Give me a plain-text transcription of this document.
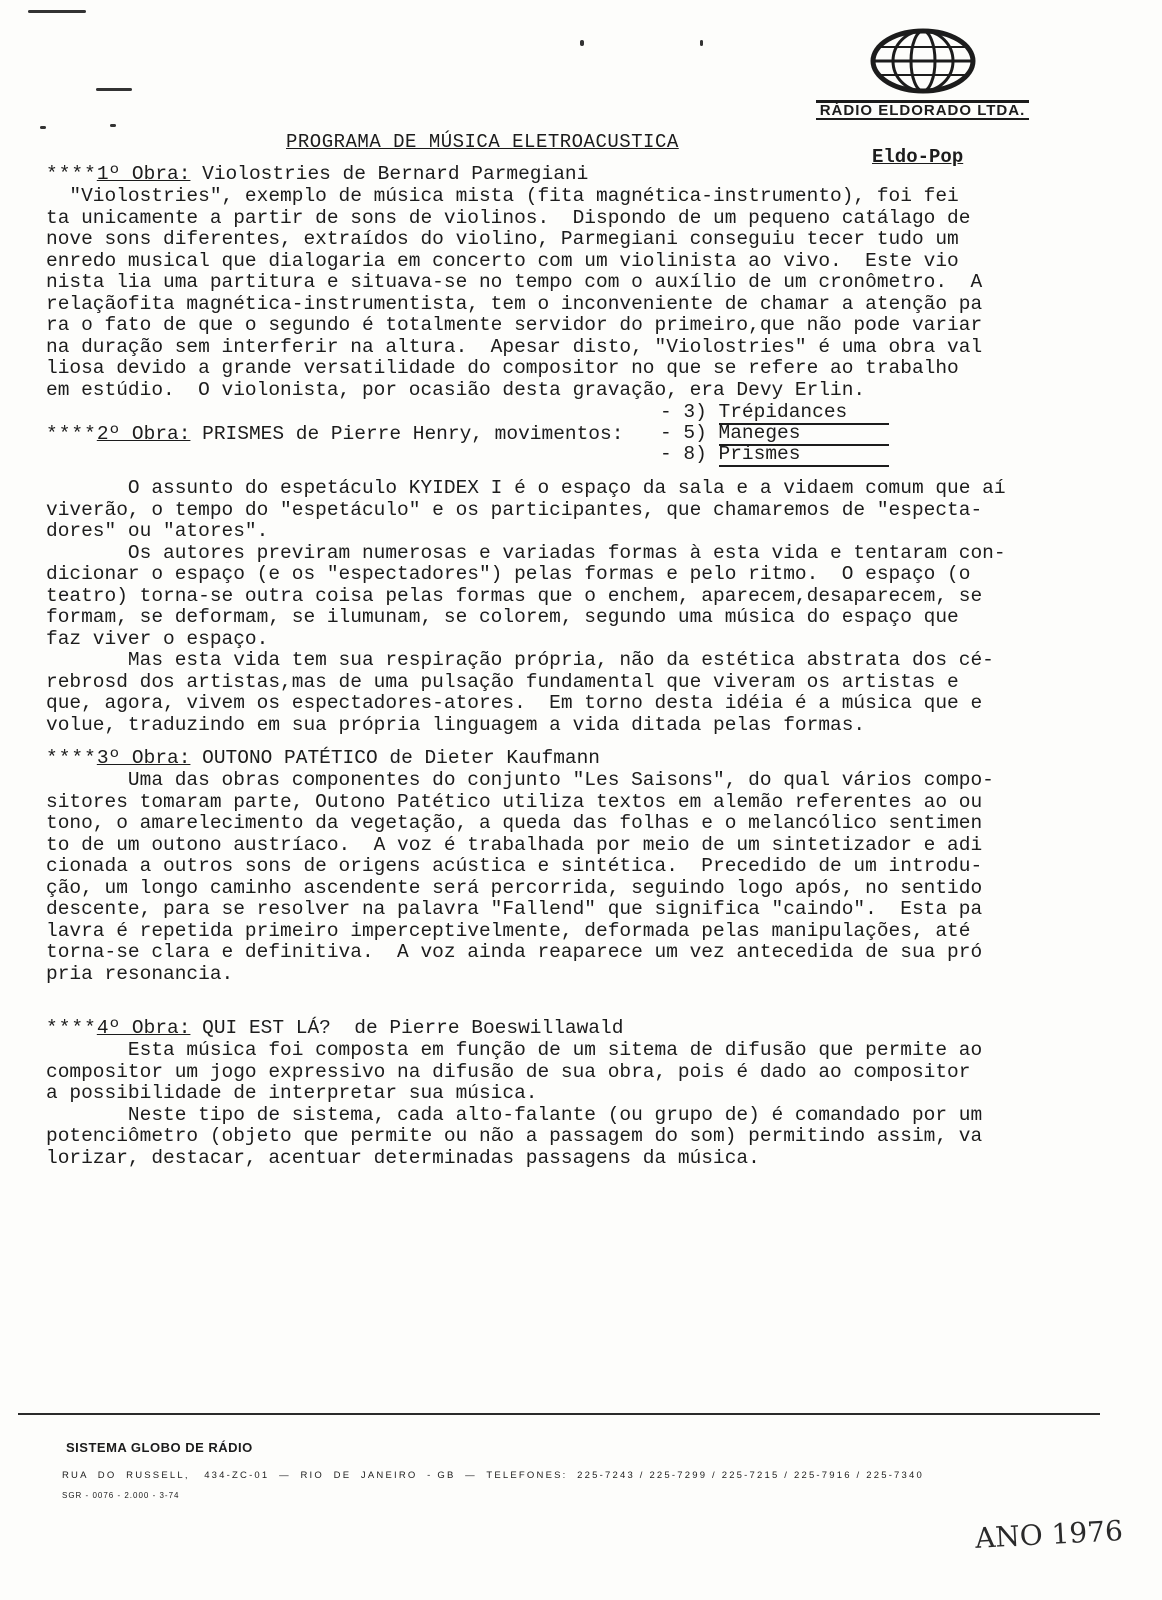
RÁDIO ELDORADO LTDA.
Eldo-Pop
PROGRAMA DE MÚSICA ELETROACUSTICA
****1º Obra: Violostries de Bernard Parmegiani
"Violostries", exemplo de música mista (fita magnética-instrumento), foi fei
ta unicamente a partir de sons de violinos.  Dispondo de um pequeno catálago de
nove sons diferentes, extraídos do violino, Parmegiani conseguiu tecer tudo um
enredo musical que dialogaria em concerto com um violinista ao vivo.  Este vio
nista lia uma partitura e situava-se no tempo com o auxílio de um cronômetro.  A
relaçãofita magnética-instrumentista, tem o inconveniente de chamar a atenção pa
ra o fato de que o segundo é totalmente servidor do primeiro,que não pode variar
na duração sem interferir na altura.  Apesar disto, "Violostries" é uma obra val
liosa devido a grande versatilidade do compositor no que se refere ao trabalho
em estúdio.  O violonista, por ocasião desta gravação, era Devy Erlin.
- 3) Trépidances
- 5) Maneges
- 8) Prismes
****2º Obra: PRISMES de Pierre Henry, movimentos:
O assunto do espetáculo KYIDEX I é o espaço da sala e a vidaem comum que aí
viverão, o tempo do "espetáculo" e os participantes, que chamaremos de "especta-
dores" ou "atores".
Os autores previram numerosas e variadas formas à esta vida e tentaram con-
dicionar o espaço (e os "espectadores") pelas formas e pelo ritmo.  O espaço (o
teatro) torna-se outra coisa pelas formas que o enchem, aparecem,desaparecem, se
formam, se deformam, se ilumunam, se colorem, segundo uma música do espaço que
faz viver o espaço.
Mas esta vida tem sua respiração própria, não da estética abstrata dos cé-
rebrosd dos artistas,mas de uma pulsação fundamental que viveram os artistas e
que, agora, vivem os espectadores-atores.  Em torno desta idéia é a música que e
volue, traduzindo em sua própria linguagem a vida ditada pelas formas.
****3º Obra: OUTONO PATÉTICO de Dieter Kaufmann
Uma das obras componentes do conjunto "Les Saisons", do qual vários compo-
sitores tomaram parte, Outono Patético utiliza textos em alemão referentes ao ou
tono, o amarelecimento da vegetação, a queda das folhas e o melancólico sentimen
to de um outono austríaco.  A voz é trabalhada por meio de um sintetizador e adi
cionada a outros sons de origens acústica e sintética.  Precedido de um introdu-
ção, um longo caminho ascendente será percorrida, seguindo logo após, no sentido
descente, para se resolver na palavra "Fallend" que significa "caindo".  Esta pa
lavra é repetida primeiro imperceptivelmente, deformada pelas manipulações, até
torna-se clara e definitiva.  A voz ainda reaparece um vez antecedida de sua pró
pria resonancia.
****4º Obra: QUI EST LÁ?  de Pierre Boeswillawald
Esta música foi composta em função de um sitema de difusão que permite ao
compositor um jogo expressivo na difusão de sua obra, pois é dado ao compositor
a possibilidade de interpretar sua música.
Neste tipo de sistema, cada alto-falante (ou grupo de) é comandado por um
potenciômetro (objeto que permite ou não a passagem do som) permitindo assim, va
lorizar, destacar, acentuar determinadas passagens da música.
SISTEMA GLOBO DE RÁDIO
RUA  DO  RUSSELL,   434-ZC-01  —  RIO  DE  JANEIRO  - GB  —  TELEFONES:  225-7243 / 225-7299 / 225-7215 / 225-7916 / 225-7340
SGR - 0076 - 2.000 - 3-74
ANO 1976
